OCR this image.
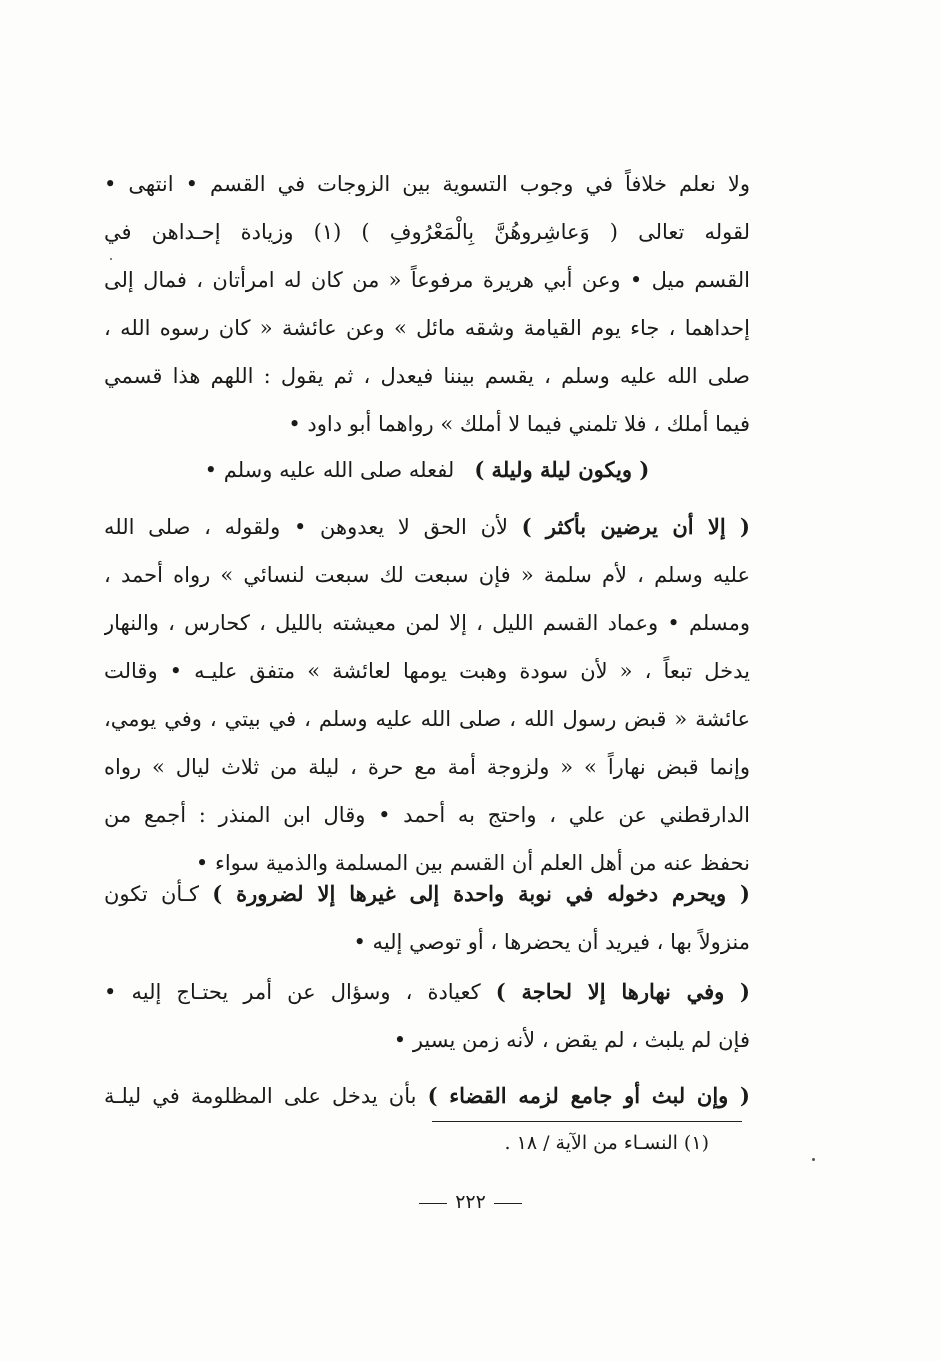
ولا نعلم خلافاً في وجوب التسوية بين الزوجات في القسم • انتهى •
لقوله تعالى ( وَعاشِروهُنَّ بِالْمَعْرُوفِ ) (١) وزيادة إحـداهن في
القسم ميل • وعن أبي هريرة مرفوعاً « من كان له امرأتان ، فمال إلى
إحداهما ، جاء يوم القيامة وشقه مائل » وعن عائشة « كان رسوه الله ،
صلى الله عليه وسلم ، يقسم بيننا فيعدل ، ثم يقول : اللهم هذا قسمي
فيما أملك ، فلا تلمني فيما لا أملك » رواهما أبو داود •
( ويكون ليلة وليلة )   لفعله صلى الله عليه وسلم •
( إلا أن يرضين بأكثر ) لأن الحق لا يعدوهن • ولقوله ، صلى الله
عليه وسلم ، لأم سلمة « فإن سبعت لك سبعت لنسائي » رواه أحمد ،
ومسلم • وعماد القسم الليل ، إلا لمن معيشته بالليل ، كحارس ، والنهار
يدخل تبعاً ، « لأن سودة وهبت يومها لعائشة » متفق عليـه • وقالت
عائشة « قبض رسول الله ، صلى الله عليه وسلم ، في بيتي ، وفي يومي،
وإنما قبض نهاراً » « ولزوجة أمة مع حرة ، ليلة من ثلاث ليال » رواه
الدارقطني عن علي ، واحتج به أحمد • وقال ابن المنذر : أجمع من
نحفظ عنه من أهل العلم أن القسم بين المسلمة والذمية سواء •
( ويحرم دخوله في نوبة واحدة إلى غيرها إلا لضرورة ) كـأن تكون
منزولاً بها ، فيريد أن يحضرها ، أو توصي إليه •
( وفي نهارها إلا لحاجة ) كعيادة ، وسؤال عن أمر يحتـاج إليه •
فإن لم يلبث ، لم يقض ، لأنه زمن يسير •
( وإن لبث أو جامع لزمه القضاء ) بأن يدخل على المظلومة في ليلـة
(١) النسـاء من الآية / ١٨ .
٢٢٢
